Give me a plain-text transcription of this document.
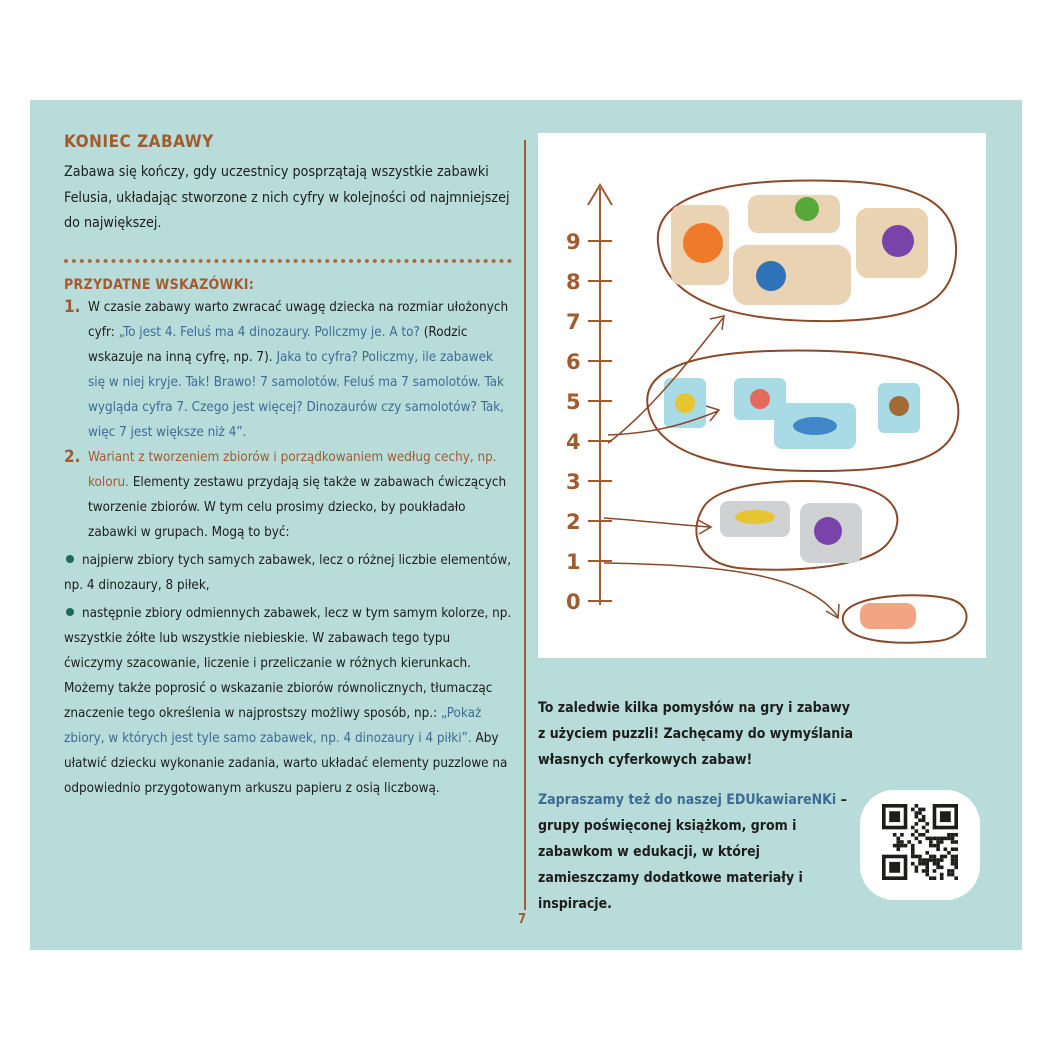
KONIEC ZABAWY
Zabawa się kończy, gdy uczestnicy posprzątają wszystkie zabawki Felusia, układając stworzone z nich cyfry w kolejności od najmniejszej do największej.
PRZYDATNE WSKAZÓWKI:
1. W czasie zabawy warto zwracać uwagę dziecka na rozmiar ułożonych cyfr: „To jest 4. Feluś ma 4 dinozaury. Policzmy je. A to? (Rodzic wskazuje na inną cyfrę, np. 7). Jaka to cyfra? Policzmy, ile zabawek się w niej kryje. Tak! Brawo! 7 samolotów. Feluś ma 7 samolotów. Tak wygląda cyfra 7. Czego jest więcej? Dinozaurów czy samolotów? Tak, więc 7 jest większe niż 4”.
2. Wariant z tworzeniem zbiorów i porządkowaniem według cechy, np. koloru. Elementy zestawu przydają się także w zabawach ćwiczących tworzenie zbiorów. W tym celu prosimy dziecko, by poukładało zabawki w grupach. Mogą to być:
najpierw zbiory tych samych zabawek, lecz o różnej liczbie elementów, np. 4 dinozaury, 8 piłek,
następnie zbiory odmiennych zabawek, lecz w tym samym kolorze, np. wszystkie żółte lub wszystkie niebieskie. W zabawach tego typu ćwiczymy szacowanie, liczenie i przeliczanie w różnych kierunkach.
Możemy także poprosić o wskazanie zbiorów równolicznych, tłumacząc znaczenie tego określenia w najprostszy możliwy sposób, np.: „Pokaż zbiory, w których jest tyle samo zabawek, np. 4 dinozaury i 4 piłki”. Aby ułatwić dziecku wykonanie zadania, warto układać elementy puzzlowe na odpowiednio przygotowanym arkuszu papieru z osią liczbową.
7
9
8
7
6
5
4
3
2
1
0

To zaledwie kilka pomysłów na gry i zabawy z użyciem puzzli! Zachęcamy do wymyślania własnych cyferkowych zabaw!

Zapraszamy też do naszej EDUkawiareNKi – grupy poświęconej książkom, grom i zabawkom w edukacji, w której zamieszczamy dodatkowe materiały i inspiracje.
